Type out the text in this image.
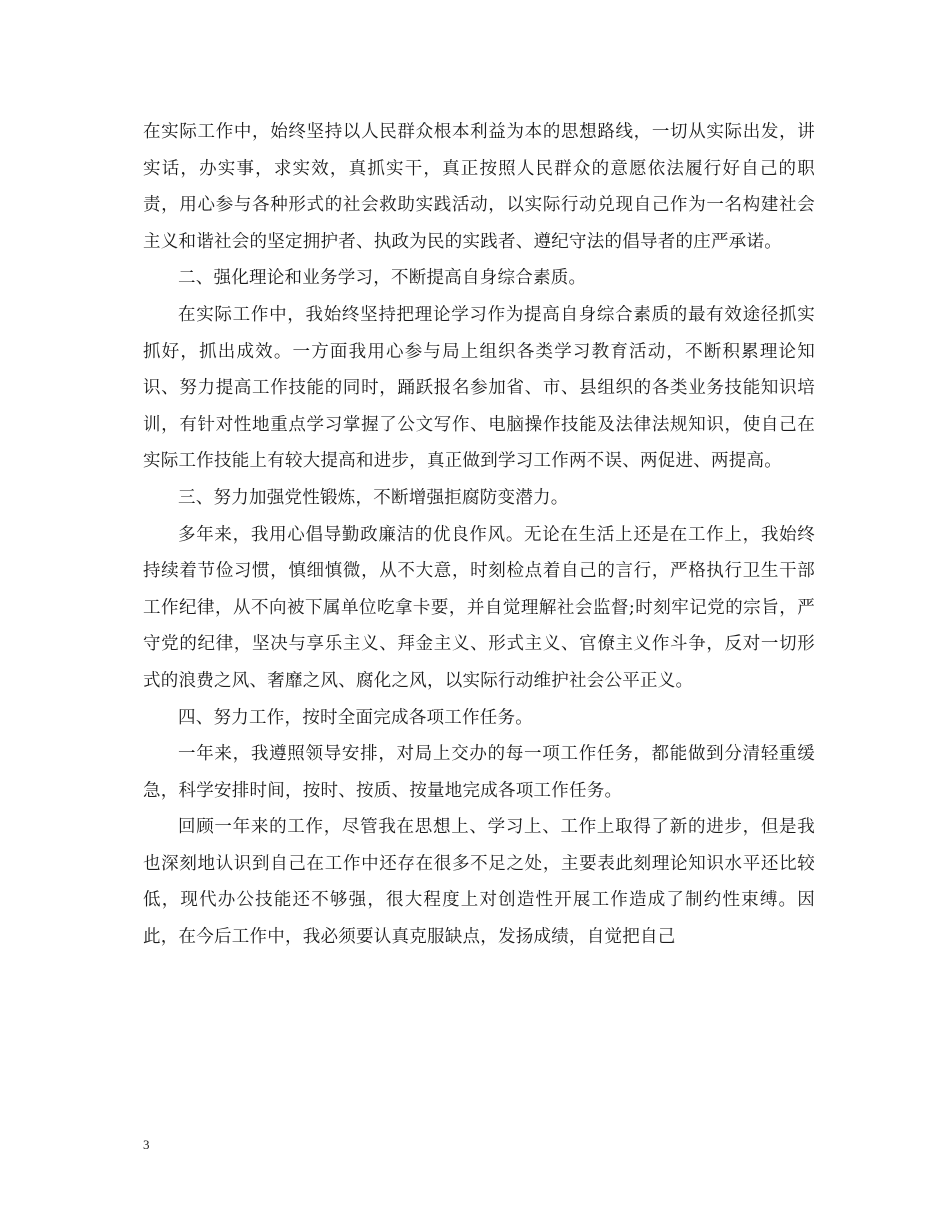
在实际工作中，始终坚持以人民群众根本利益为本的思想路线，一切从实际出发，讲实话，办实事，求实效，真抓实干，真正按照人民群众的意愿依法履行好自己的职责，用心参与各种形式的社会救助实践活动，以实际行动兑现自己作为一名构建社会主义和谐社会的坚定拥护者、执政为民的实践者、遵纪守法的倡导者的庄严承诺。

二、强化理论和业务学习，不断提高自身综合素质。

在实际工作中，我始终坚持把理论学习作为提高自身综合素质的最有效途径抓实抓好，抓出成效。一方面我用心参与局上组织各类学习教育活动，不断积累理论知识、努力提高工作技能的同时，踊跃报名参加省、市、县组织的各类业务技能知识培训，有针对性地重点学习掌握了公文写作、电脑操作技能及法律法规知识，使自己在实际工作技能上有较大提高和进步，真正做到学习工作两不误、两促进、两提高。

三、努力加强党性锻炼，不断增强拒腐防变潜力。

多年来，我用心倡导勤政廉洁的优良作风。无论在生活上还是在工作上，我始终持续着节俭习惯，慎细慎微，从不大意，时刻检点着自己的言行，严格执行卫生干部工作纪律，从不向被下属单位吃拿卡要，并自觉理解社会监督;时刻牢记党的宗旨，严守党的纪律，坚决与享乐主义、拜金主义、形式主义、官僚主义作斗争，反对一切形式的浪费之风、奢靡之风、腐化之风，以实际行动维护社会公平正义。

四、努力工作，按时全面完成各项工作任务。

一年来，我遵照领导安排，对局上交办的每一项工作任务，都能做到分清轻重缓急，科学安排时间，按时、按质、按量地完成各项工作任务。

回顾一年来的工作，尽管我在思想上、学习上、工作上取得了新的进步，但是我也深刻地认识到自己在工作中还存在很多不足之处，主要表此刻理论知识水平还比较低，现代办公技能还不够强，很大程度上对创造性开展工作造成了制约性束缚。因此，在今后工作中，我必须要认真克服缺点，发扬成绩，自觉把自己

3
